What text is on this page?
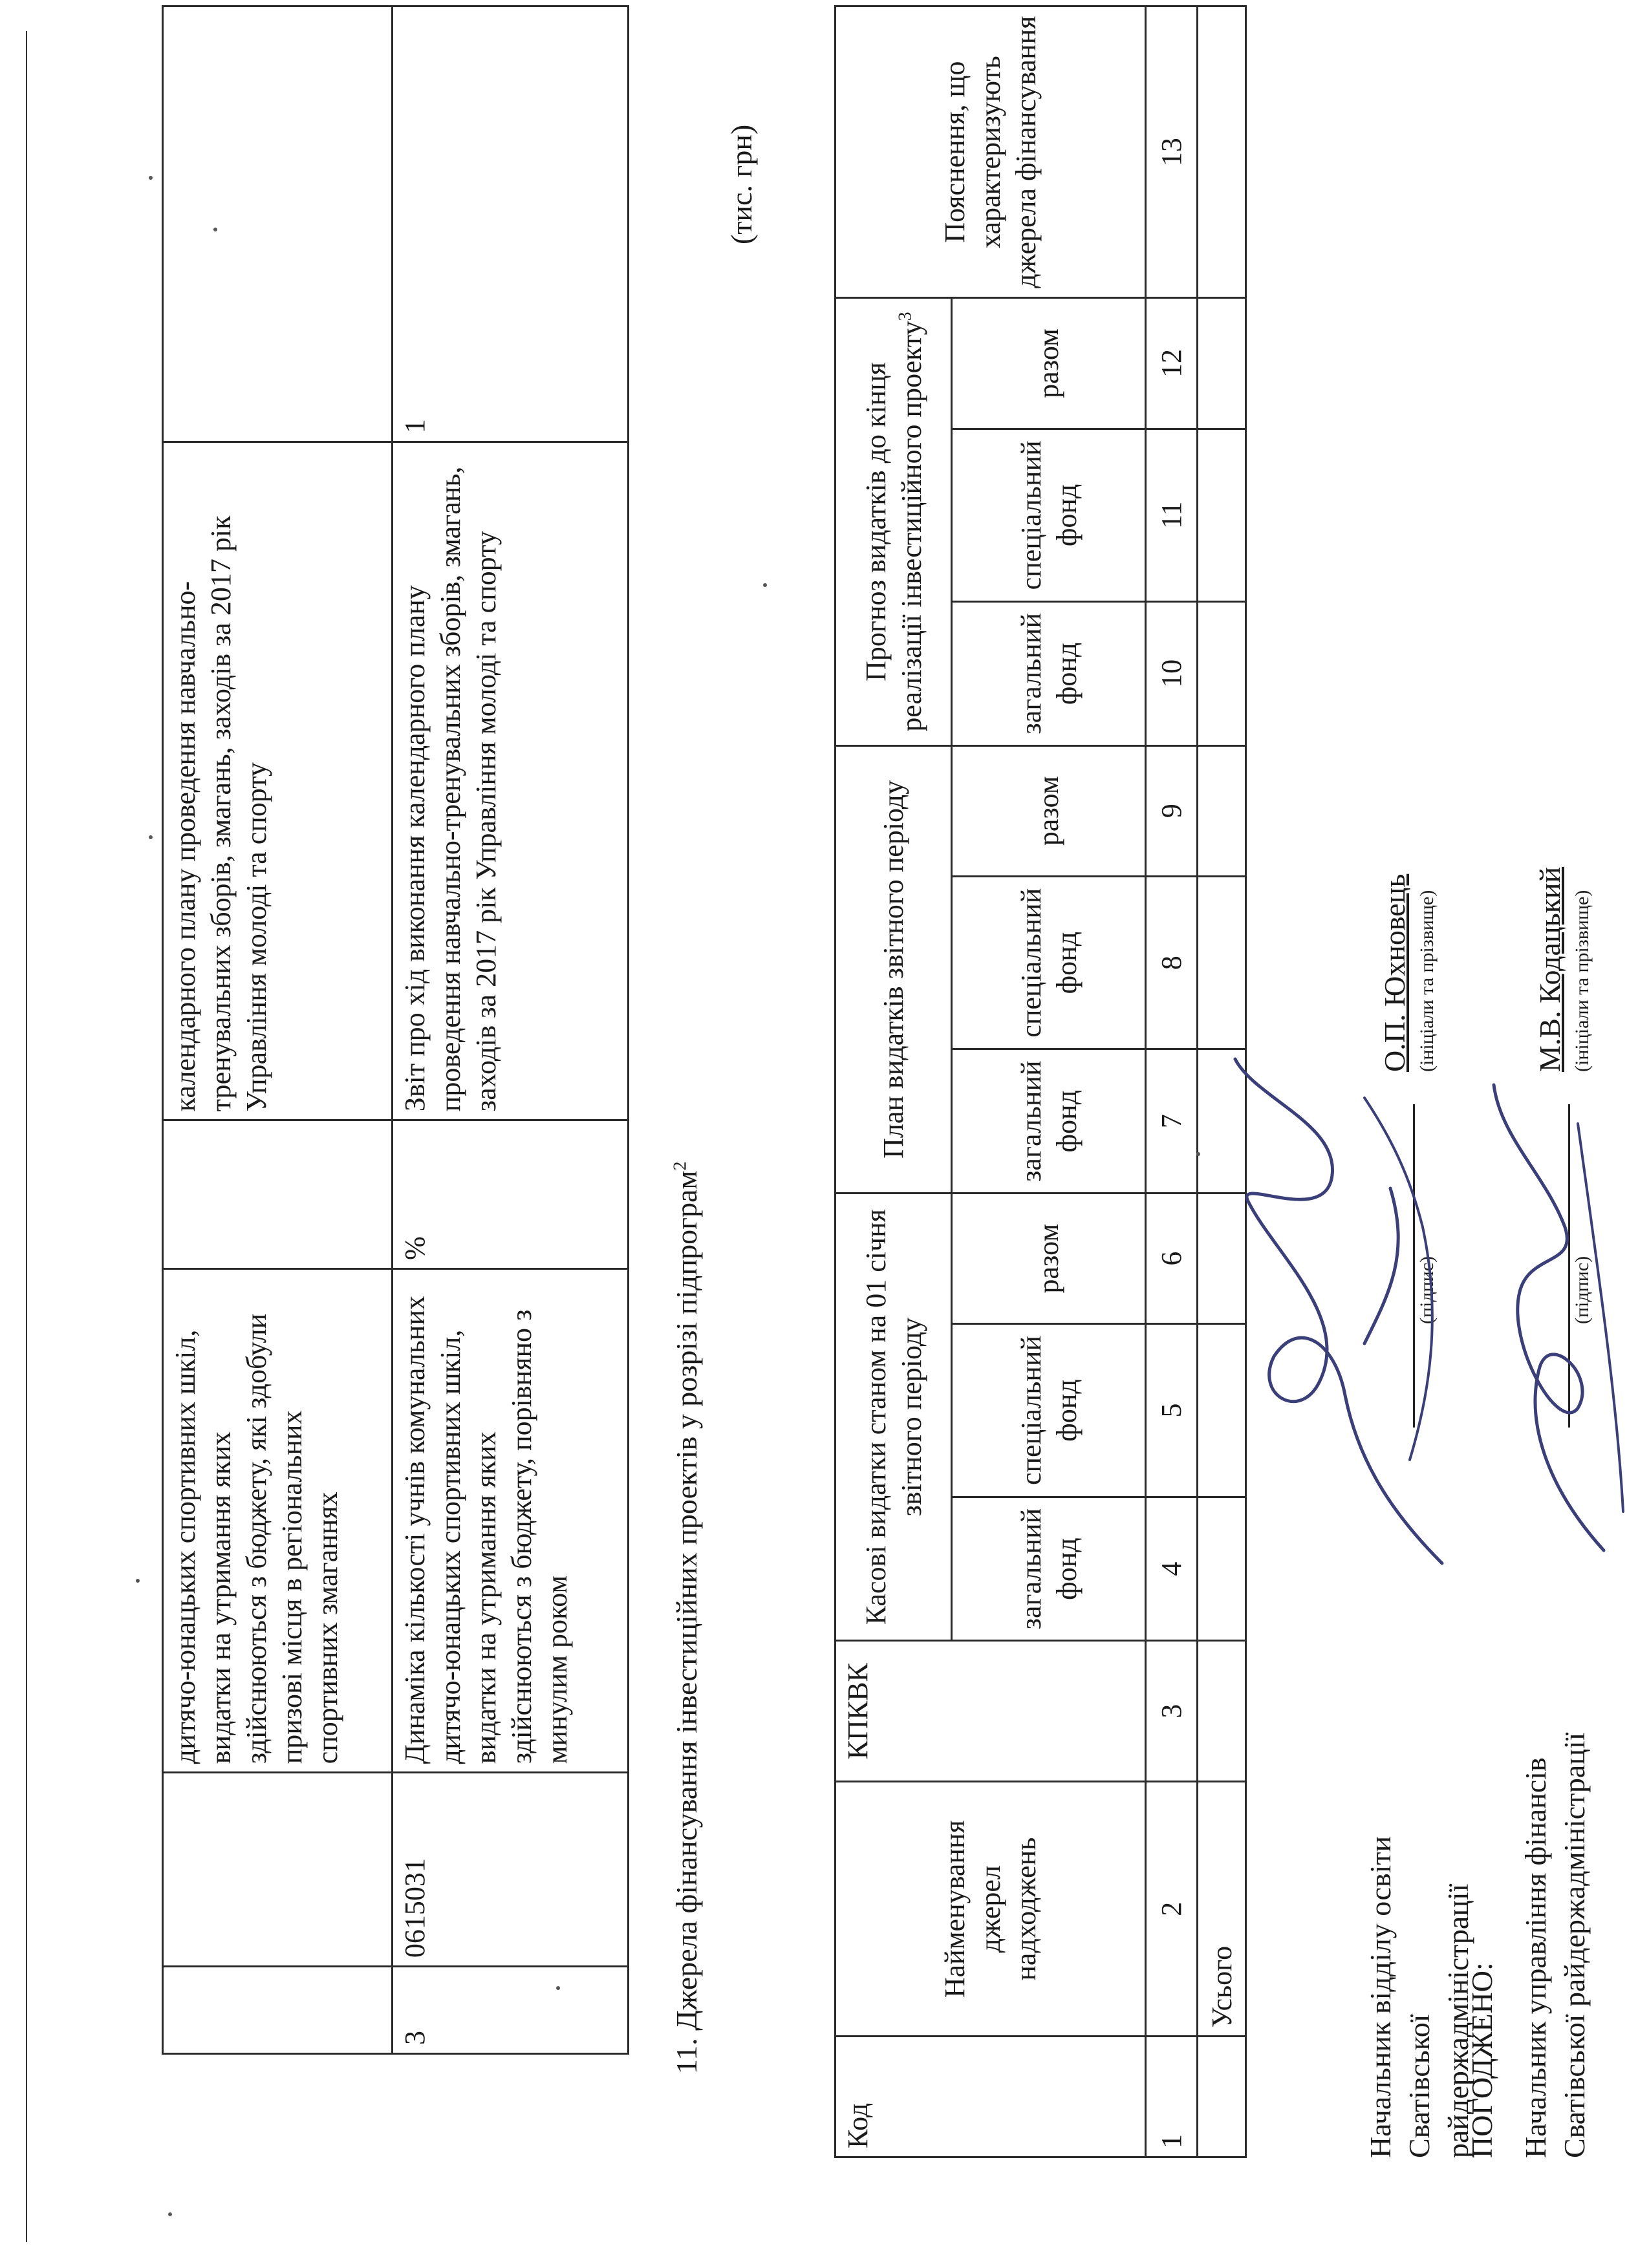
		дитячо-юнацьких спортивних шкіл, видатки на утримання яких здійснюються з бюджету, які здобули призові місця в регіональних спортивних змаганнях		календарного плану проведення навчально-тренувальних зборів, змагань, заходів за 2017 рік Управління молоді та спорту	
3	0615031	Динаміка кількості учнів комунальних дитячо-юнацьких спортивних шкіл, видатки на утримання яких здійснюються з бюджету, порівняно з минулим роком	%	Звіт про хід виконання календарного плану проведення навчально-тренувальних зборів, змагань, заходів за 2017 рік Управління молоді та спорту	1
11. Джерела фінансування інвестиційних проектів у розрізі підпрограм$^2$
(тис. грн)
Код	Найменування джерел надходжень	КПКВК	Касові видатки станом на 01 січня звітного періоду			План видатків звітного періоду			Прогноз видатків до кінця реалізації інвестиційного проекту$^3$			Пояснення, що характеризують джерела фінансування
			загальний фонд	спеціальний фонд	разом	загальний фонд	спеціальний фонд	разом	загальний фонд	спеціальний фонд	разом	
1	2	3	4	5	6	7	8	9	10	11	12	13
	Усього												Начальник відділу освіти Сватівської райдержадміністрації
ПОГОДЖЕНО: Начальник управління фінансів Сватівської райдержадміністрації
(підпис)
О.П. Юхновець (ініціали та прізвище)
(підпис)
М.В. Кодацький (ініціали та прізвище)
